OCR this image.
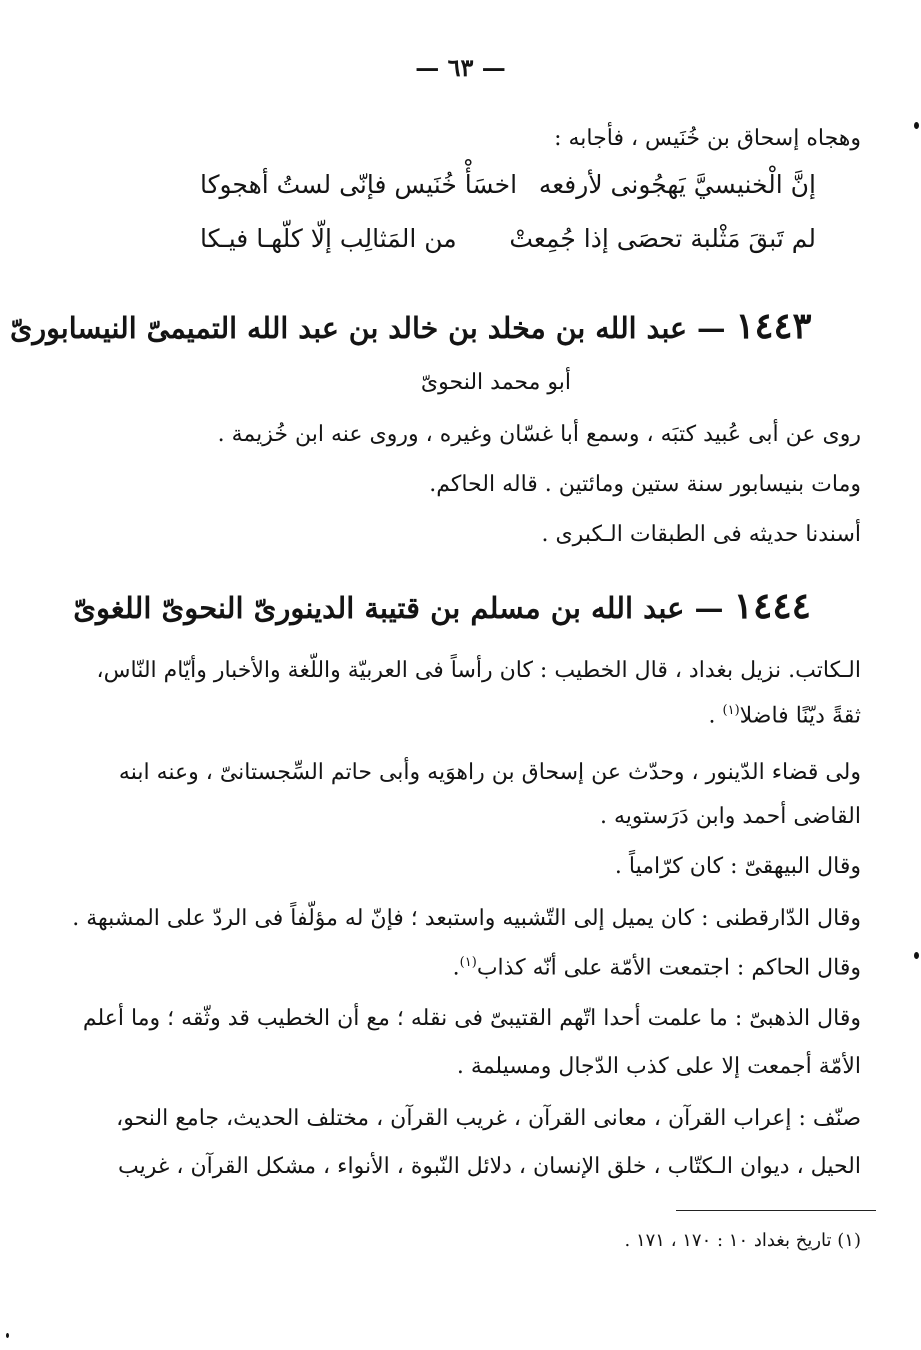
— ٦٣ —
وهجاه إسحاق بن خُنَيس ، فأجابه :
إنَّ الْخنيسيَّ يَهجُونى لأرفعه
اخسَأْ خُنَيس فإنّى لستُ أهجوكا
لم تَبقَ مَثْلبة تحصَى إذا جُمِعتْ
من المَثالِب إلّا كلّهـا فيـكا
١٤٤٣ — عبد الله بن مخلد بن خالد بن عبد الله التميمىّ النيسابورىّ
أبو محمد النحوىّ
روى عن أبى عُبيد كتبَه ، وسمع أبا غسّان وغيره ، وروى عنه ابن خُزيمة .
ومات بنيسابور سنة ستين ومائتين . قاله الحاكم.
أسندنا حديثه فى الطبقات الـكبرى .
١٤٤٤ — عبد الله بن مسلم بن قتيبة الدينورىّ النحوىّ اللغوىّ
الـكاتب. نزيل بغداد ، قال الخطيب : كان رأساً فى العربيّة واللّغة والأخبار وأيّام النّاس،
ثقةً ديّنًا فاضلا$^{(١)}$ .
ولى قضاء الدّينور ، وحدّث عن إسحاق بن راهوَيه وأبى حاتم السِّجستانىّ ، وعنه ابنه
القاضى أحمد وابن دَرَستويه .
وقال البيهقىّ : كان كرّامياً .
وقال الدّارقطنى : كان يميل إلى التّشبيه واستبعد ؛ فإنّ له مؤلّفاً فى الردّ على المشبهة .
وقال الحاكم : اجتمعت الأمّة على أنّه كذاب$^{(١)}$.
وقال الذهبىّ : ما علمت أحدا اتّهم القتيبىّ فى نقله ؛ مع أن الخطيب قد وثّقه ؛ وما أعلم
الأمّة أجمعت إلا على كذب الدّجال ومسيلمة .
صنّف : إعراب القرآن ، معانى القرآن ، غريب القرآن ، مختلف الحديث، جامع النحو،
الحيل ، ديوان الـكتّاب ، خلق الإنسان ، دلائل النّبوة ، الأنواء ، مشكل القرآن ، غريب
(١) تاريخ بغداد ١٠ : ١٧٠ ، ١٧١ .
